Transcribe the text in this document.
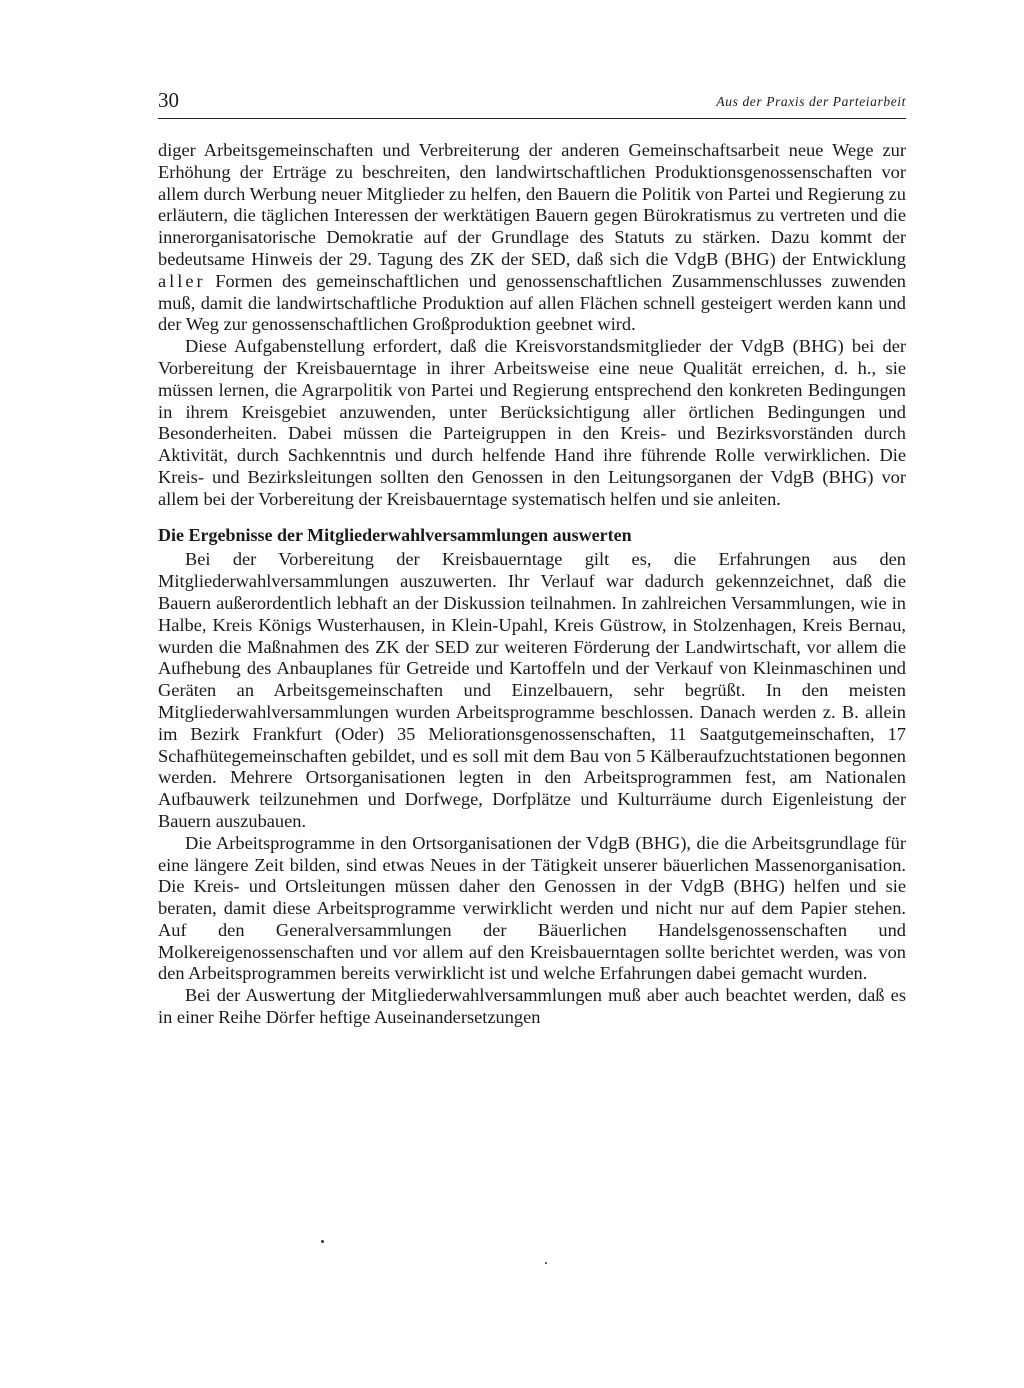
30	Aus der Praxis der Parteiarbeit

diger Arbeitsgemeinschaften und Verbreiterung der anderen Gemeinschaftsarbeit neue Wege zur Erhöhung der Erträge zu beschreiten, den landwirtschaftlichen Produktionsgenossenschaften vor allem durch Werbung neuer Mitglieder zu helfen, den Bauern die Politik von Partei und Regierung zu erläutern, die täglichen Interessen der werktätigen Bauern gegen Bürokratismus zu vertreten und die innerorganisatorische Demokratie auf der Grundlage des Statuts zu stärken. Dazu kommt der bedeutsame Hinweis der 29. Tagung des ZK der SED, daß sich die VdgB (BHG) der Entwicklung aller Formen des gemeinschaftlichen und genossenschaftlichen Zusammenschlusses zuwenden muß, damit die landwirtschaftliche Produktion auf allen Flächen schnell gesteigert werden kann und der Weg zur genossenschaftlichen Großproduktion geebnet wird.

Diese Aufgabenstellung erfordert, daß die Kreisvorstandsmitglieder der VdgB (BHG) bei der Vorbereitung der Kreisbauerntage in ihrer Arbeitsweise eine neue Qualität erreichen, d. h., sie müssen lernen, die Agrarpolitik von Partei und Regierung entsprechend den konkreten Bedingungen in ihrem Kreisgebiet anzuwenden, unter Berücksichtigung aller örtlichen Bedingungen und Besonderheiten. Dabei müssen die Parteigruppen in den Kreis- und Bezirksvorständen durch Aktivität, durch Sachkenntnis und durch helfende Hand ihre führende Rolle verwirklichen. Die Kreis- und Bezirksleitungen sollten den Genossen in den Leitungsorganen der VdgB (BHG) vor allem bei der Vorbereitung der Kreisbauerntage systematisch helfen und sie anleiten.

Die Ergebnisse der Mitgliederwahlversammlungen auswerten

Bei der Vorbereitung der Kreisbauerntage gilt es, die Erfahrungen aus den Mitgliederwahlversammlungen auszuwerten. Ihr Verlauf war dadurch gekennzeichnet, daß die Bauern außerordentlich lebhaft an der Diskussion teilnahmen. In zahlreichen Versammlungen, wie in Halbe, Kreis Königs Wusterhausen, in Klein-Upahl, Kreis Güstrow, in Stolzenhagen, Kreis Bernau, wurden die Maßnahmen des ZK der SED zur weiteren Förderung der Landwirtschaft, vor allem die Aufhebung des Anbauplanes für Getreide und Kartoffeln und der Verkauf von Kleinmaschinen und Geräten an Arbeitsgemeinschaften und Einzelbauern, sehr begrüßt. In den meisten Mitgliederwahlversammlungen wurden Arbeitsprogramme beschlossen. Danach werden z. B. allein im Bezirk Frankfurt (Oder) 35 Meliorationsgenossenschaften, 11 Saatgutgemeinschaften, 17 Schafhütegemeinschaften gebildet, und es soll mit dem Bau von 5 Kälberaufzuchtstationen begonnen werden. Mehrere Ortsorganisationen legten in den Arbeitsprogrammen fest, am Nationalen Aufbauwerk teilzunehmen und Dorfwege, Dorfplätze und Kulturräume durch Eigenleistung der Bauern auszubauen.

Die Arbeitsprogramme in den Ortsorganisationen der VdgB (BHG), die die Arbeitsgrundlage für eine längere Zeit bilden, sind etwas Neues in der Tätigkeit unserer bäuerlichen Massenorganisation. Die Kreis- und Ortsleitungen müssen daher den Genossen in der VdgB (BHG) helfen und sie beraten, damit diese Arbeitsprogramme verwirklicht werden und nicht nur auf dem Papier stehen. Auf den Generalversammlungen der Bäuerlichen Handelsgenossenschaften und Molkereigenossenschaften und vor allem auf den Kreisbauerntagen sollte berichtet werden, was von den Arbeitsprogrammen bereits verwirklicht ist und welche Erfahrungen dabei gemacht wurden.

Bei der Auswertung der Mitgliederwahlversammlungen muß aber auch beachtet werden, daß es in einer Reihe Dörfer heftige Auseinandersetzungen
